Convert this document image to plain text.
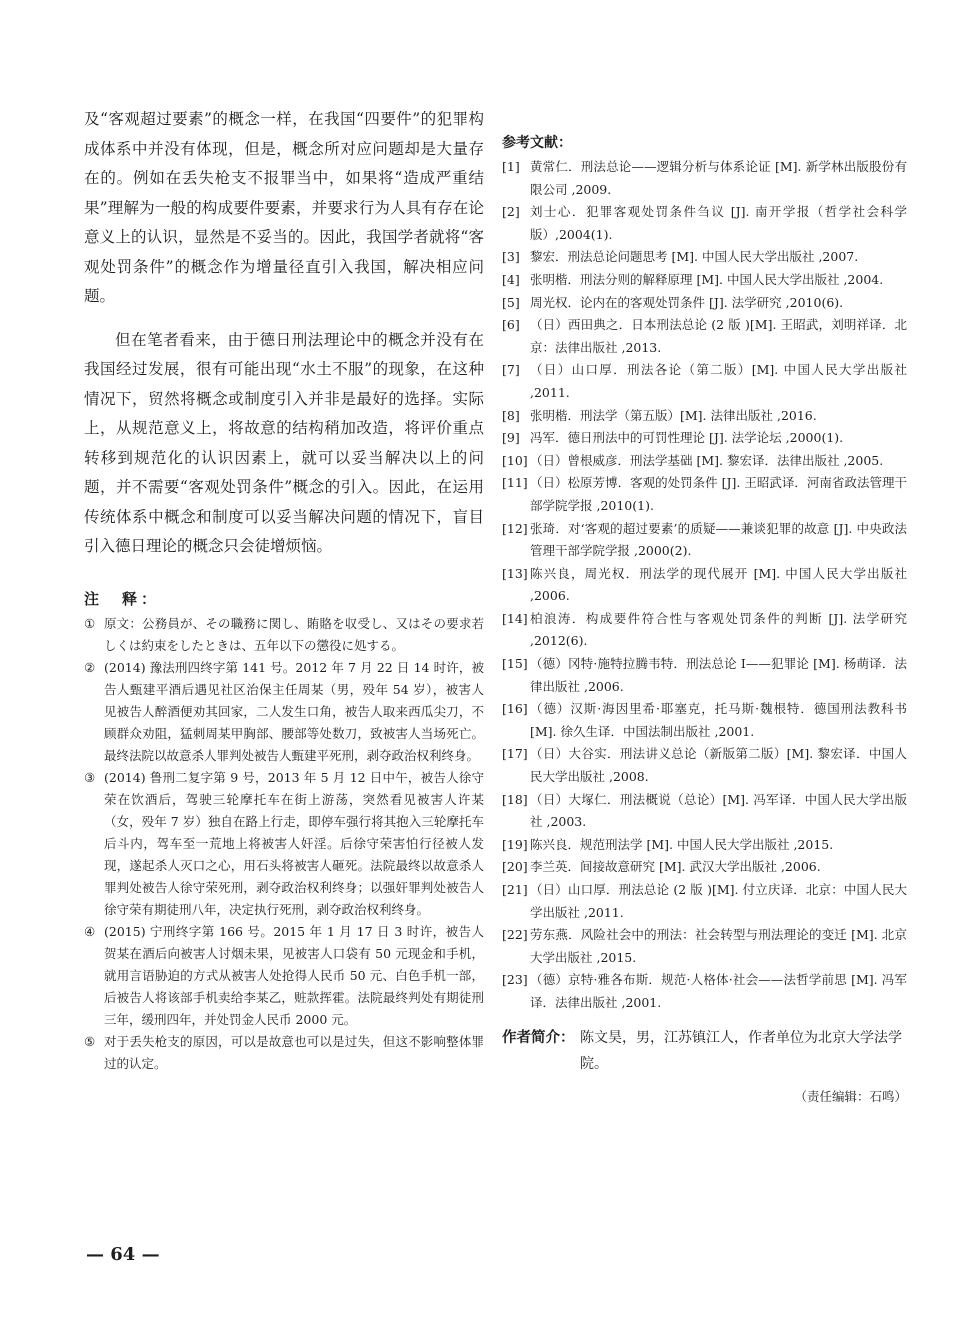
及“客观超过要素”的概念一样，在我国“四要件”的犯罪构成体系中并没有体现，但是，概念所对应问题却是大量存在的。例如在丢失枪支不报罪当中，如果将“造成严重结果”理解为一般的构成要件要素，并要求行为人具有存在论意义上的认识，显然是不妥当的。因此，我国学者就将“客观处罚条件”的概念作为增量径直引入我国，解决相应问题。

但在笔者看来，由于德日刑法理论中的概念并没有在我国经过发展，很有可能出现“水土不服”的现象，在这种情况下，贸然将概念或制度引入并非是最好的选择。实际上，从规范意义上，将故意的结构稍加改造，将评价重点转移到规范化的认识因素上，就可以妥当解决以上的问题，并不需要“客观处罚条件”概念的引入。因此，在运用传统体系中概念和制度可以妥当解决问题的情况下，盲目引入德日理论的概念只会徒增烦恼。

注　释：

① 原文：公務員が、その職務に関し、賄賂を収受し、又はその要求若しくは約束をしたときは、五年以下の懲役に処する。

② (2014) 豫法刑四终字第 141 号。2012 年 7 月 22 日 14 时许，被告人甄建平酒后遇见社区治保主任周某（男，殁年 54 岁），被害人见被告人醉酒便劝其回家，二人发生口角，被告人取来西瓜尖刀，不顾群众劝阻，猛刺周某甲胸部、腰部等处数刀，致被害人当场死亡。最终法院以故意杀人罪判处被告人甄建平死刑，剥夺政治权利终身。

③ (2014) 鲁刑二复字第 9 号，2013 年 5 月 12 日中午，被告人徐守荣在饮酒后，驾驶三轮摩托车在街上游荡，突然看见被害人许某（女，殁年 7 岁）独自在路上行走，即停车强行将其抱入三轮摩托车后斗内，驾车至一荒地上将被害人奸淫。后徐守荣害怕行径被人发现，遂起杀人灭口之心，用石头将被害人砸死。法院最终以故意杀人罪判处被告人徐守荣死刑，剥夺政治权利终身；以强奸罪判处被告人徐守荣有期徒刑八年，决定执行死刑，剥夺政治权利终身。

④ (2015) 宁刑终字第 166 号。2015 年 1 月 17 日 3 时许，被告人贺某在酒后向被害人讨烟未果，见被害人口袋有 50 元现金和手机，就用言语胁迫的方式从被害人处抢得人民币 50 元、白色手机一部，后被告人将该部手机卖给李某乙，赃款挥霍。法院最终判处有期徒刑三年，缓刑四年，并处罚金人民币 2000 元。

⑤ 对于丢失枪支的原因，可以是故意也可以是过失，但这不影响整体罪过的认定。

参考文献：

[1] 黄常仁．刑法总论——逻辑分析与体系论证 [M]. 新学林出版股份有限公司 ,2009.

[2] 刘士心．犯罪客观处罚条件刍议 [J]. 南开学报（哲学社会科学版）,2004(1).

[3] 黎宏．刑法总论问题思考 [M]. 中国人民大学出版社 ,2007.

[4] 张明楷．刑法分则的解释原理 [M]. 中国人民大学出版社 ,2004.

[5] 周光权．论内在的客观处罚条件 [J]. 法学研究 ,2010(6).

[6] （日）西田典之．日本刑法总论 (2 版 )[M]. 王昭武，刘明祥译．北京：法律出版社 ,2013.

[7] （日）山口厚．刑法各论（第二版）[M]. 中国人民大学出版社 ,2011.

[8] 张明楷．刑法学（第五版）[M]. 法律出版社 ,2016.

[9] 冯军．德日刑法中的可罚性理论 [J]. 法学论坛 ,2000(1).

[10] （日）曾根威彦．刑法学基础 [M]. 黎宏译．法律出版社 ,2005.

[11] （日）松原芳博．客观的处罚条件 [J]. 王昭武译．河南省政法管理干部学院学报 ,2010(1).

[12] 张琦．对‘客观的超过要素’的质疑——兼谈犯罪的故意 [J]. 中央政法管理干部学院学报 ,2000(2).

[13] 陈兴良，周光权．刑法学的现代展开 [M]. 中国人民大学出版社 ,2006.

[14] 柏浪涛．构成要件符合性与客观处罚条件的判断 [J]. 法学研究 ,2012(6).

[15] （德）冈特·施特拉腾韦特．刑法总论 I——犯罪论 [M]. 杨萌译．法律出版社 ,2006.

[16] （德）汉斯·海因里希·耶塞克，托马斯·魏根特．德国刑法教科书 [M]. 徐久生译．中国法制出版社 ,2001.

[17] （日）大谷实．刑法讲义总论（新版第二版）[M]. 黎宏译．中国人民大学出版社 ,2008.

[18] （日）大塚仁．刑法概说（总论）[M]. 冯军译．中国人民大学出版社 ,2003.

[19] 陈兴良．规范刑法学 [M]. 中国人民大学出版社 ,2015.

[20] 李兰英．间接故意研究 [M]. 武汉大学出版社 ,2006.

[21] （日）山口厚．刑法总论 (2 版 )[M]. 付立庆译．北京：中国人民大学出版社 ,2011.

[22] 劳东燕．风险社会中的刑法：社会转型与刑法理论的变迁 [M]. 北京大学出版社 ,2015.

[23] （德）京特·雅各布斯．规范·人格体·社会——法哲学前思 [M]. 冯军译．法律出版社 ,2001.

作者简介： 陈文昊，男，江苏镇江人，作者单位为北京大学法学院。
（责任编辑：石鸣）
— 64 —
